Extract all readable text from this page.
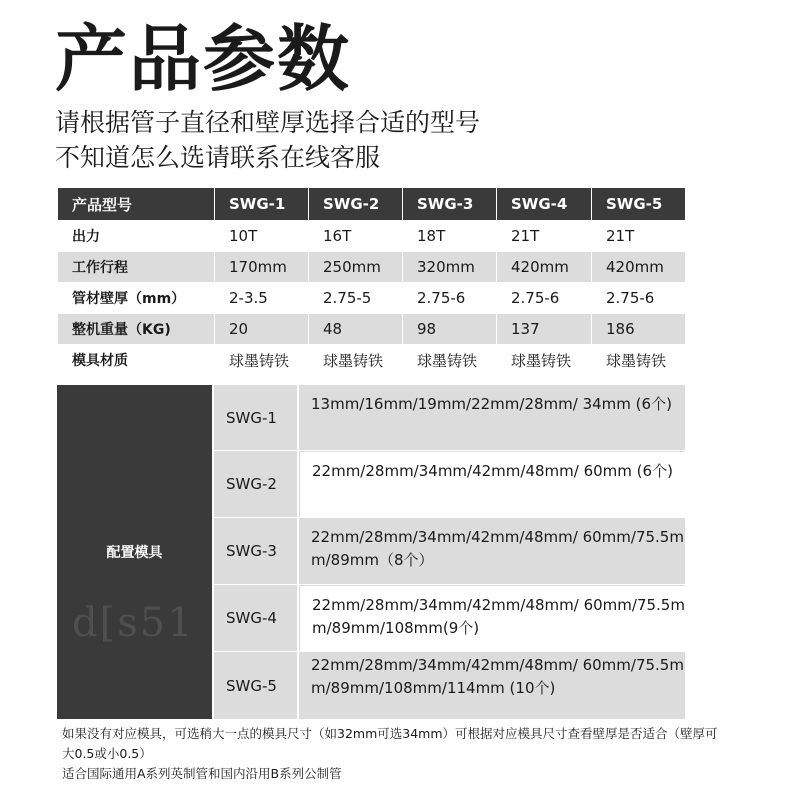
产品参数
请根据管子直径和壁厚选择合适的型号
不知道怎么选请联系在线客服
产品型号	SWG-1	SWG-2	SWG-3	SWG-4	SWG-5
出力	10T	16T	18T	21T	21T
工作行程	170mm	250mm	320mm	420mm	420mm
管材壁厚（mm）	2-3.5	2.75-5	2.75-6	2.75-6	2.75-6
整机重量（KG)	20	48	98	137	186
模具材质	球墨铸铁	球墨铸铁	球墨铸铁	球墨铸铁	球墨铸铁
配置模具
SWG-1
13mm/16mm/19mm/22mm/28mm/ 34mm (6个)
SWG-2
22mm/28mm/34mm/42mm/48mm/ 60mm (6个)
SWG-3
22mm/28mm/34mm/42mm/48mm/ 60mm/75.5mm/89mm（8个）
SWG-4
22mm/28mm/34mm/42mm/48mm/ 60mm/75.5mm/89mm/108mm(9个)
SWG-5
22mm/28mm/34mm/42mm/48mm/ 60mm/75.5mm/89mm/108mm/114mm (10个)
d[s51
如果没有对应模具，可选稍大一点的模具尺寸（如32mm可选34mm）可根据对应模具尺寸查看壁厚是否适合（壁厚可大0.5或小0.5）
适合国际通用A系列英制管和国内沿用B系列公制管
